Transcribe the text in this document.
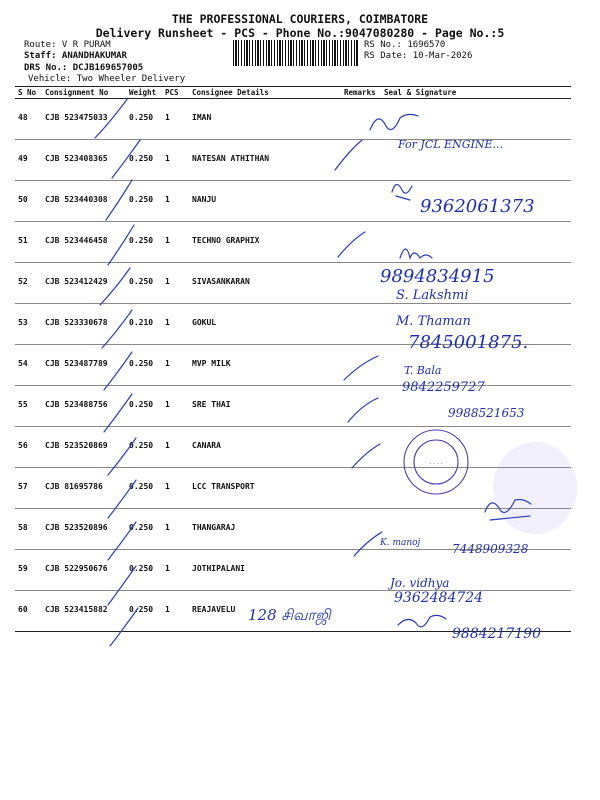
THE PROFESSIONAL COURIERS, COIMBATORE
Delivery Runsheet - PCS - Phone No.:9047080280 - Page No.:5
Route: V R PURAM
Staff: ANANDHAKUMAR
DRS No.: DCJB169657005
Vehicle: Two Wheeler Delivery
RS No.: 1696570
RS Date: 10-Mar-2026
S No	Consignment No	Weight	PCS	Consignee Details	Remarks	Seal & Signature
48	CJB 523475033	0.250	1	IMAN		
49	CJB 523408365	0.250	1	NATESAN ATHITHAN		
50	CJB 523440308	0.250	1	NANJU		
51	CJB 523446458	0.250	1	TECHNO GRAPHIX		
52	CJB 523412429	0.250	1	SIVASANKARAN		
53	CJB 523330678	0.210	1	GOKUL		
54	CJB 523487789	0.250	1	MVP MILK		
55	CJB 523488756	0.250	1	SRE THAI		
56	CJB 523520869	0.250	1	CANARA		
57	CJB 81695786	0.250	1	LCC TRANSPORT		
58	CJB 523520896	0.250	1	THANGARAJ		
59	CJB 522950676	0.250	1	JOTHIPALANI		
60	CJB 523415882	0.250	1	REAJAVELU		
· · · ·
For JCL ENGINE...
9362061373
9894834915
S. Lakshmi
M. Thaman
7845001875.
T. Bala
9842259727
9988521653
K. manoj	7448909328
Jo. vidhya
9362484724
128 சிவாஜி
9884217190
